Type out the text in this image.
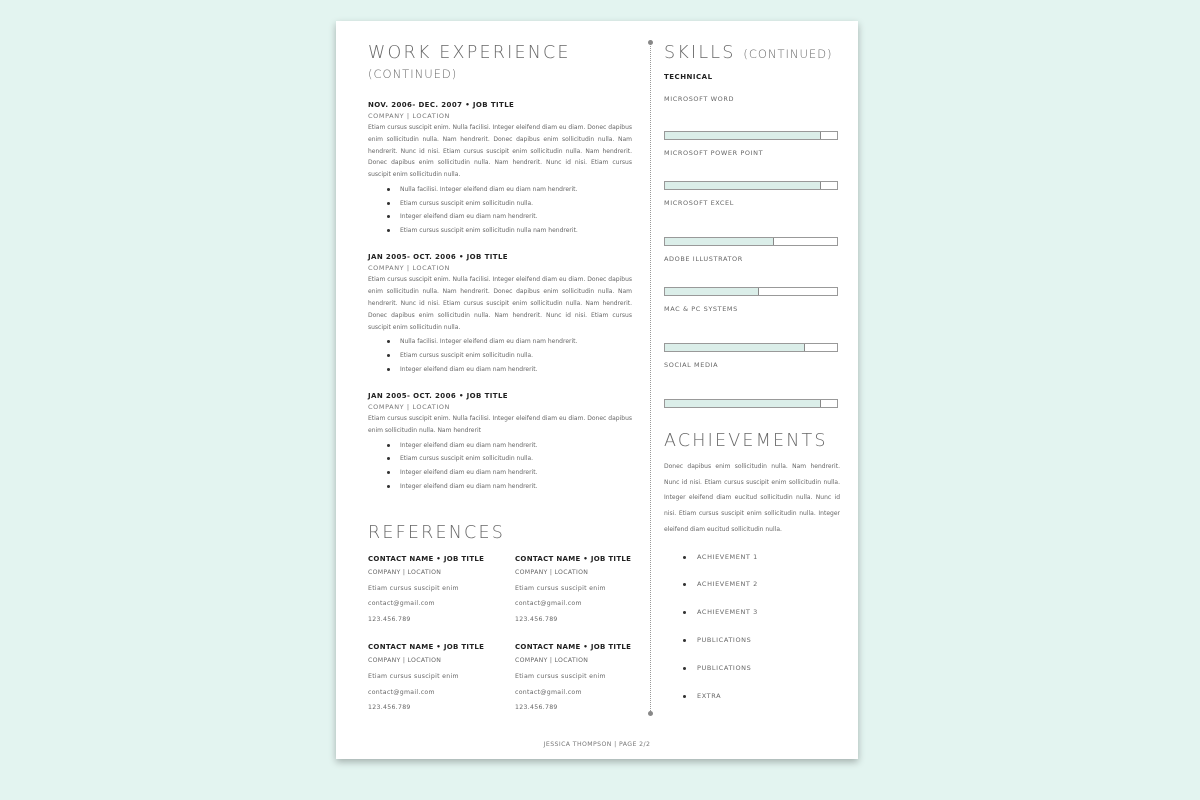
WORK EXPERIENCE (CONTINUED)
NOV. 2006- DEC. 2007 • JOB TITLE
COMPANY | LOCATION

Etiam cursus suscipit enim. Nulla facilisi. Integer eleifend diam eu diam. Donec dapibus enim sollicitudin nulla. Nam hendrerit. Donec dapibus enim sollicitudin nulla. Nam hendrerit. Nunc id nisi. Etiam cursus suscipit enim sollicitudin nulla. Nam hendrerit. Donec dapibus enim sollicitudin nulla. Nam hendrerit. Nunc id nisi. Etiam cursus suscipit enim sollicitudin nulla.

Nulla facilisi. Integer eleifend diam eu diam nam hendrerit.
Etiam cursus suscipit enim sollicitudin nulla.
Integer eleifend diam eu diam nam hendrerit.
Etiam cursus suscipit enim sollicitudin nulla nam hendrerit.
JAN 2005- OCT. 2006 • JOB TITLE
COMPANY | LOCATION

Etiam cursus suscipit enim. Nulla facilisi. Integer eleifend diam eu diam. Donec dapibus enim sollicitudin nulla. Nam hendrerit. Donec dapibus enim sollicitudin nulla. Nam hendrerit. Nunc id nisi. Etiam cursus suscipit enim sollicitudin nulla. Nam hendrerit. Donec dapibus enim sollicitudin nulla. Nam hendrerit. Nunc id nisi. Etiam cursus suscipit enim sollicitudin nulla.

Nulla facilisi. Integer eleifend diam eu diam nam hendrerit.
Etiam cursus suscipit enim sollicitudin nulla.
Integer eleifend diam eu diam nam hendrerit.
JAN 2005- OCT. 2006 • JOB TITLE
COMPANY | LOCATION

Etiam cursus suscipit enim. Nulla facilisi. Integer eleifend diam eu diam. Donec dapibus enim sollicitudin nulla. Nam hendrerit

Integer eleifend diam eu diam nam hendrerit.
Etiam cursus suscipit enim sollicitudin nulla.
Integer eleifend diam eu diam nam hendrerit.
Integer eleifend diam eu diam nam hendrerit.
REFERENCES
CONTACT NAME • JOB TITLE
COMPANY | LOCATION
Etiam cursus suscipit enim
contact@gmail.com
123.456.789
CONTACT NAME • JOB TITLE
COMPANY | LOCATION
Etiam cursus suscipit enim
contact@gmail.com
123.456.789
CONTACT NAME • JOB TITLE
COMPANY | LOCATION
Etiam cursus suscipit enim
contact@gmail.com
123.456.789
CONTACT NAME • JOB TITLE
COMPANY | LOCATION
Etiam cursus suscipit enim
contact@gmail.com
123.456.789
SKILLS (CONTINUED)
TECHNICAL
MICROSOFT WORD
MICROSOFT POWER POINT
MICROSOFT EXCEL
ADOBE ILLUSTRATOR
MAC & PC SYSTEMS
SOCIAL MEDIA
ACHIEVEMENTS

Donec dapibus enim sollicitudin nulla. Nam hendrerit. Nunc id nisi. Etiam cursus suscipit enim sollicitudin nulla. Integer eleifend diam eucitud sollicitudin nulla. Nunc id nisi. Etiam cursus suscipit enim sollicitudin nulla. Integer eleifend diam eucitud sollicitudin nulla.

ACHIEVEMENT 1
ACHIEVEMENT 2
ACHIEVEMENT 3
PUBLICATIONS
PUBLICATIONS
EXTRA
JESSICA THOMPSON | PAGE 2/2
